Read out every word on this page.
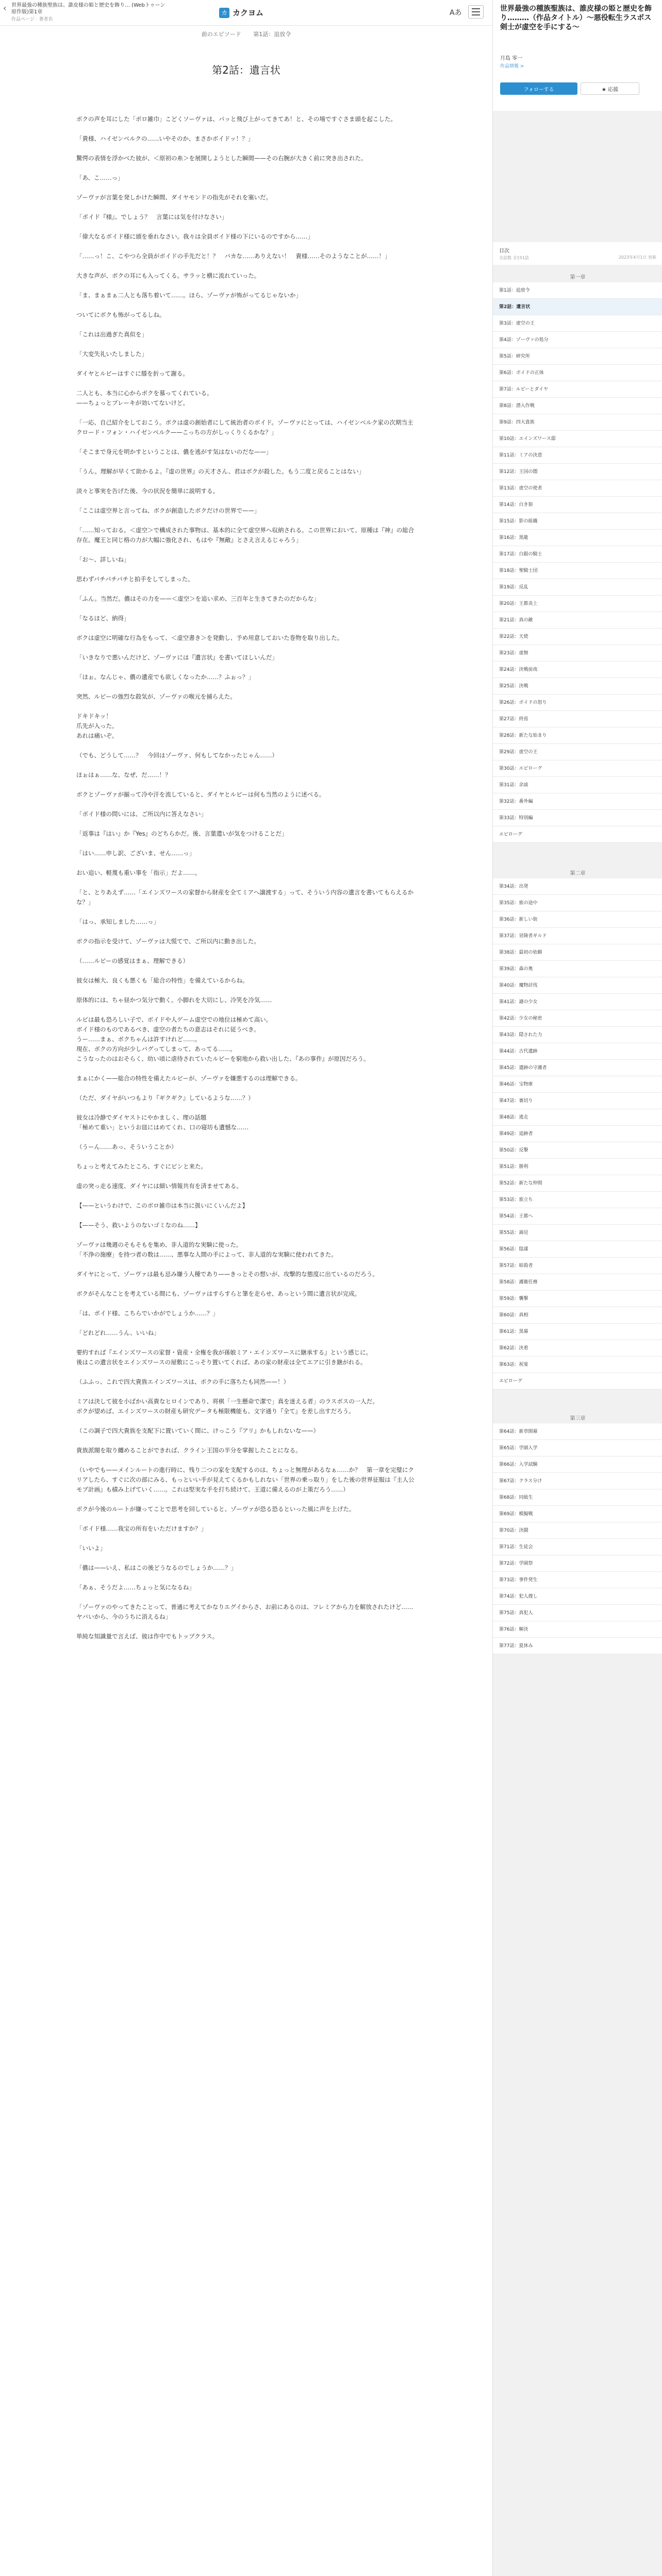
‹ 世界最強の種族聖族は、誰皮様の姫と歴史を飾り… (Webトゥーン原作版)第1章
作品ページ · 著者名
カ カクヨム	Aあ
前のエピソード 第1話：追放令
第2話：遺言状

ボクの声を耳にした「ボロ雑巾」こどくソーヴァは、パッと飛び上がってきてあ！と、その場ですぐさま頭を起こした。

「貴様、ハイゼンベルクの……いやそのか、まさかボイドッ！？」

驚愕の表情を浮かべた彼が、＜原初の糸＞を展開しようとした瞬間——その右腕が大きく前に突き出された。

「あ、こ……っ」

ゾーヴァが言葉を発しかけた瞬間、ダイヤモンドの指先がそれを塞いだ。

「ボイド『様』、でしょう？　言葉には気を付けなさい」

「偉大なるボイド様に頭を垂れなさい。我々は全員ボイド様の下にいるのですから……」

「……っ！こ、こやつら全員がボイドの手先だと！？　バカな……ありえない！　貴様……そのようなことが……！」

大きな声が、ボクの耳にも入ってくる。サラッと横に流れていった。

「ま、まぁまぁ二人とも落ち着いて……。ほら、ゾーヴァが怖がってるじゃないか」

ついてにボクも怖がってるしね。

「これは出過ぎた真似を」

「大変失礼いたしました」

ダイヤとルビーはすぐに膝を折って謝る。

二人とも、本当に心からボクを慕ってくれている。
——ちょっとブレーキが効いてないけど。

「一応、自己紹介をしておこう。ボクは虚の創始者にして統治者のボイド。ゾーヴァにとっては、ハイゼンベルク家の次期当主クロード・フォン・ハイゼンベルク——こっちの方がしっくりくるかな？」

「そこまで身元を明かすということは、儂を逃がす気はないのだな——」

「うん。理解が早くて助かるよ。『虚の世界』の天才さん、君はボクが殺した。もう二度と戻ることはない」

淡々と事実を告げた後、今の状況を簡単に説明する。

「ここは虚空界と言ってね、ボクが創造したボクだけの世界で——」

「……知っておる。＜虚空＞で構成された事物は、基本的に全て虚空界へ収納される。この世界において、原種は『神』の総合存在。魔王と同じ格の力が大幅に強化され、もはや『無敵』とさえ言えるじゃろう」

「お～、詳しいね」

思わずパチパチパチと拍手をしてしまった。

「ふん。当然だ。儂はその力を——＜虚空＞を追い求め、三百年と生きてきたのだからな」

「なるほど、納得」

ボクは虚空に明確な行為をもって、＜虚空書き＞を発動し、予め用意しておいた巻物を取り出した。

「いきなりで悪いんだけど、ゾーヴァには『遺言状』を書いてほしいんだ」

「ほぉ。なんじゃ、儂の遺産でも欲しくなったか……？ふぉっ？」

突然、ルビーの強烈な殺気が、ゾーヴァの喉元を捕らえた。

ドキドキッ！
爪先が入った。
あれは痛いぞ。

（でも、どうして……？　今回はゾーヴァ、何もしてなかったじゃん……）

ほぉはぁ……な、なぜ、だ……！？

ボクとゾーヴァが揃って冷や汗を流していると、ダイヤとルビーは何も当然のように述べる。

「ボイド様の問いには、ご所以内に答えなさい」

「返事は『はい』か『Yes』のどちらかだ。後、言葉遣いが気をつけることだ」

「はい……申し訳、ございま、せん……っ」

おい追い、軽蔑も重い事を「指示」だよ……。

「と、とりあえず……「エインズワースの家督から財産を全てミアへ譲渡する」って、そういう内容の遺言を書いてもらえるかな？」

「はっ、承知しました……っ」

ボクの指示を受けて、ゾーヴァは大慌てで、ご所以内に動き出した。

（……ルビーの感覚はまぁ、理解できる）

彼女は極大、良くも悪くも「総合の特性」を備えているからね。

原体的には、ちゃ昼かつ気分で動く。小脚れを大切にし、冷笑を冷気……

ルビは最も恐ろしい子で、ボイドや人ゲーム虚空での地位は極めて高い。
ボイド様のものであるべき、虚空の者たちの意志はそれに従うべき。
うー……まぁ、ボクちゃんは許すけれど……。
現在、ボクの方向が少しバグってしまって、あってる……。
こうなったのはおそらく、幼い頃に虐待されていたルビーを窮地から救い出した、『あの事件』が原因だろう。

まぁにかく——総合の特性を備えたルビーが、ゾーヴァを嫌悪するのは理解できる。

（ただ、ダイヤがいつもより『ギクギク』しているような……？）

彼女は冷静でダイヤストにやかましく、理の話題
「極めて重い」というお皿にはめてくれ、口の寝坊も遺憾な……

（うーん……あっ、そういうことか）

ちょっと考えてみたところ、すぐにピンと来た。

虚の突っ走る速度、ダイヤには細い情報共有を済ませてある。

【——というわけで、このボロ雑巾は本当に扱いにくいんだよ】

【——そう、救いようのないゴミなのね……】

ゾーヴァは幾週のそもそもを集め、非人道的な実験に使った。
「不浄の施療」を持つ者の数は……、悪事な人間の手によって、非人道的な実験に使われてきた。

ダイヤにとって、ゾーヴァは最も忌み嫌う人種であり——きっとその想いが、攻撃的な態度に出ているのだろう。

ボクがそんなことを考えている間にも、ゾーヴァはすらすらと筆を走らせ、あっという間に遺言状が完成。

「は、ボイド様、こちらでいかがでしょうか……？」

「どれどれ……うん、いいね」

要約すれば『エインズワースの家督・資産・全権を我が孫娘ミア・エインズワースに継承する』という感じに。
後はこの遺言状をエインズワースの屋敷にこっそり置いてくれば、あの家の財産は全てエアに引き継がれる。

（ふふっ、これで四大貴族エインズワースは、ボクの手に落ちたも同然——！）

ミアは決して彼を小ばかい高貴なヒロインであり、将棋「一生懸命で潔で」真を迷える者」のラスボスの一人だ。
ボクが望めば、エインズワースの財産も研究データも極限機能も、文字通り『全て』を差し出すだろう。

（この調子で四大貴族を支配下に置いていく間に、けっこう『アリ』かもしれないな——）

貴族派閥を取り纏めることができれば、クライン王国の半分を掌握したことになる。

（いやでも——メインルートの進行時に、残り二つの家を支配するのは、ちょっと無理があるなぁ……か？　第一章を完璧にクリアしたら、すぐに次の部にみる、もっといい手が見えてくるかもしれない「世界の乗っ取り」をした後の世界征服は『主人公モブ計画』も積み上げていく……。これは堅実な手を打ち続けて、王道に備えるのが上策だろう……）

ボクが今後のルートが嫌ってことで思考を回していると、ゾーヴァが恐る恐るといった風に声を上げた。

「ボイド様……我宝の所有をいただけますか？」

「いいよ」

「儂は——いえ、私はこの後どうなるのでしょうか……？」

「あぁ、そうだよ……ちょっと気になるね」

「ゾーヴァのやってきたことって、普通に考えてかなりエグイからさ、お前にあるのは、フレミアから力を解放されたけど……ヤバいから、今のうちに消えるね」

単純な知識量で言えば、彼は作中でもトップクラス。

世界最強の種族聖族は、誰皮様の姫と歴史を飾り………（作品タイトル）〜悪役転生ラスボス剣士が虚空を手にする〜
月島 零一
作品情報 >
フォローする	★ 応援
目次
全話数 全151話	2023年4月1日 更新
第一章
第1話：追放令
第2話：遺言状
第3話：虚空の王
第4話：ゾーヴァの処分
第5話：研究所
第6話：ボイドの正体
第7話：ルビーとダイヤ
第8話：潜入作戦
第9話：四大貴族
第10話：エインズワース邸
第11話：ミアの決意
第12話：王国の闇
第13話：虚空の使者
第14話：白き狼
第15話：影の組織
第16話：黒龍
第17話：白銀の騎士
第18話：聖騎士団
第19話：反乱
第20話：王都炎上
第21話：真の敵
第22話：天使
第23話：虚無
第24話：決戦前夜
第25話：決戦
第26話：ボイドの怒り
第27話：終焉
第28話：新たな始まり
第29話：虚空の王
第30話：エピローグ
第31話：余談
第32話：番外編
第33話：特別編
エピローグ
第二章
第34話：出発
第35話：旅の途中
第36話：新しい街
第37話：冒険者ギルド
第38話：最初の依頼
第39話：森の奥
第40話：魔物討伐
第41話：謎の少女
第42話：少女の秘密
第43話：隠された力
第44話：古代遺跡
第45話：遺跡の守護者
第46話：宝物庫
第47話：裏切り
第48話：逃走
第49話：追跡者
第50話：反撃
第51話：勝利
第52話：新たな仲間
第53話：旅立ち
第54話：王都へ
第55話：謁見
第56話：陰謀
第57話：暗殺者
第58話：護衛任務
第59話：襲撃
第60話：真相
第61話：黒幕
第62話：決着
第63話：祝宴
エピローグ
第三章
第64話：新章開幕
第65話：学園入学
第66話：入学試験
第67話：クラス分け
第68話：同級生
第69話：模擬戦
第70話：決闘
第71話：生徒会
第72話：学園祭
第73話：事件発生
第74話：犯人捜し
第75話：真犯人
第76話：解決
第77話：夏休み
